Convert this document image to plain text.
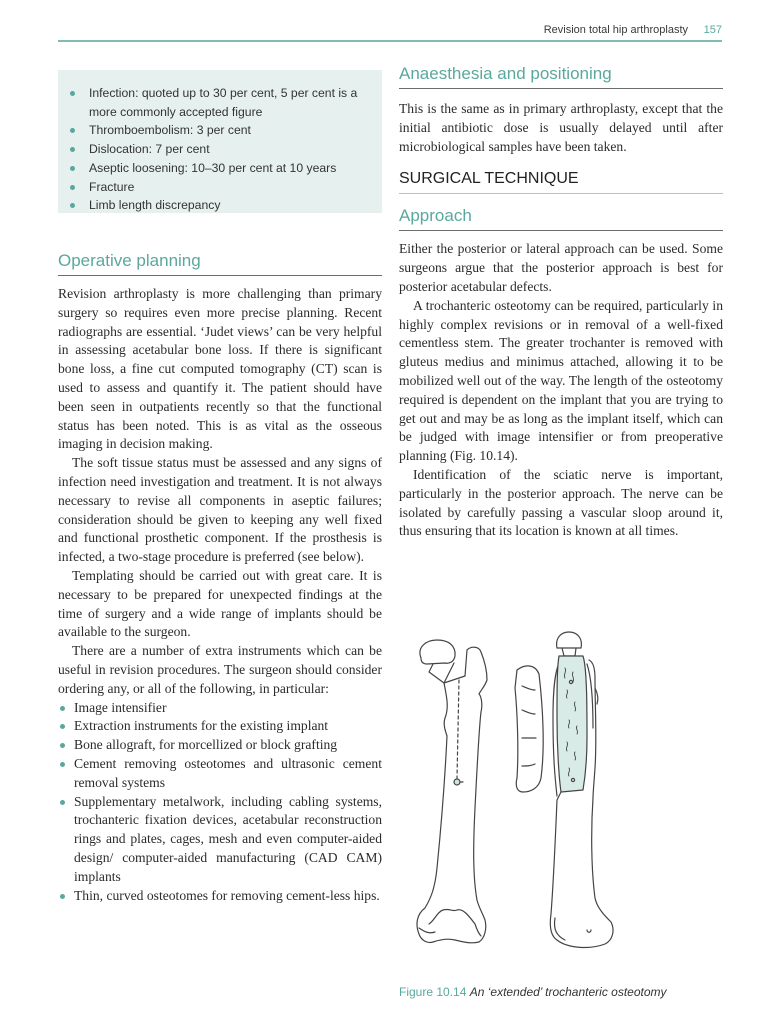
Revision total hip arthroplasty 157
Infection: quoted up to 30 per cent, 5 per cent is a more commonly accepted figure
Thromboembolism: 3 per cent
Dislocation: 7 per cent
Aseptic loosening: 10–30 per cent at 10 years
Fracture
Limb length discrepancy
Operative planning

Revision arthroplasty is more challenging than primary surgery so requires even more precise planning. Recent radiographs are essential. ‘Judet views’ can be very helpful in assessing acetabular bone loss. If there is significant bone loss, a fine cut computed tomography (CT) scan is used to assess and quantify it. The patient should have been seen in outpatients recently so that the functional status has been noted. This is as vital as the osseous imaging in decision making.

The soft tissue status must be assessed and any signs of infection need investigation and treatment. It is not always necessary to revise all components in aseptic failures; consideration should be given to keeping any well fixed and functional prosthetic component. If the prosthesis is infected, a two-stage procedure is preferred (see below).

Templating should be carried out with great care. It is necessary to be prepared for unexpected findings at the time of surgery and a wide range of implants should be available to the surgeon.

There are a number of extra instruments which can be useful in revision procedures. The surgeon should consider ordering any, or all of the following, in particular:

Image intensifier
Extraction instruments for the existing implant
Bone allograft, for morcellized or block grafting
Cement removing osteotomes and ultrasonic cement removal systems
Supplementary metalwork, including cabling systems, trochanteric fixation devices, acetabular reconstruction rings and plates, cages, mesh and even computer-aided design/ computer-aided manufacturing (CAD CAM) implants
Thin, curved osteotomes for removing cement-less hips.
Anaesthesia and positioning

This is the same as in primary arthroplasty, except that the initial antibiotic dose is usually delayed until after microbiological samples have been taken.

SURGICAL TECHNIQUE
Approach

Either the posterior or lateral approach can be used. Some surgeons argue that the posterior approach is best for posterior acetabular defects.

A trochanteric osteotomy can be required, particularly in highly complex revisions or in removal of a well-fixed cementless stem. The greater trochanter is removed with gluteus medius and minimus attached, allowing it to be mobilized well out of the way. The length of the osteotomy required is dependent on the implant that you are trying to get out and may be as long as the implant itself, which can be judged with image intensifier or from preoperative planning (Fig. 10.14).

Identification of the sciatic nerve is important, particularly in the posterior approach. The nerve can be isolated by carefully passing a vascular sloop around it, thus ensuring that its location is known at all times.

Figure 10.14 An ‘extended’ trochanteric osteotomy
